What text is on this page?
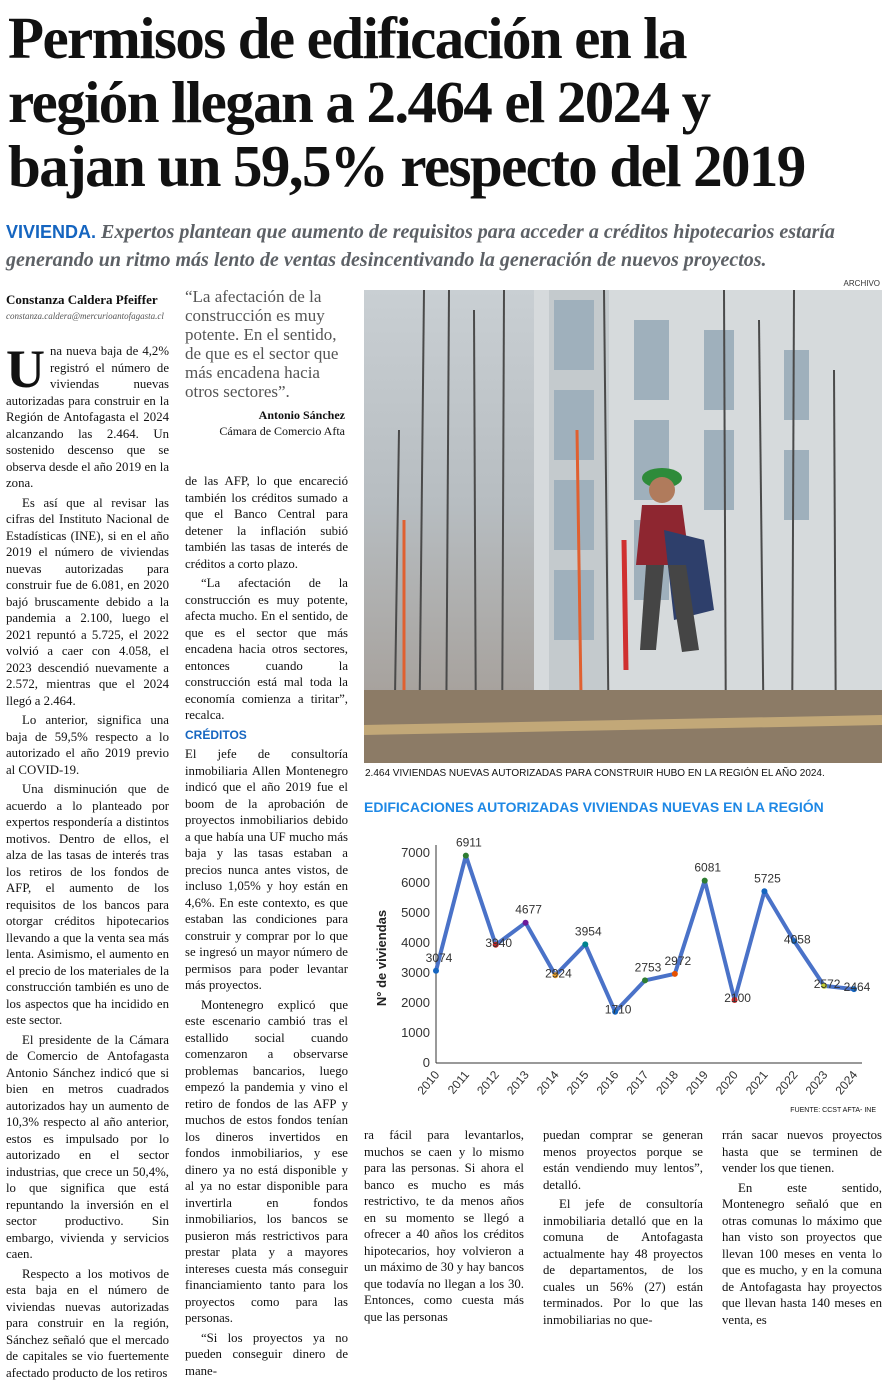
Permisos de edificación en la
región llegan a 2.464 el 2024 y
bajan un 59,5% respecto del 2019
VIVIENDA. Expertos plantean que aumento de requisitos para acceder a créditos hipotecarios estaría generando un ritmo más lento de ventas desincentivando la generación de nuevos proyectos.
ARCHIVO
Constanza Caldera Pfeiffer
constanza.caldera@mercurioantofagasta.cl
“La afectación de la construcción es muy potente. En el sentido, de que es el sector que más encadena hacia otros sectores”.
Antonio Sánchez
Cámara de Comercio Afta

Una nueva baja de 4,2% registró el número de viviendas nuevas autorizadas para construir en la Región de Antofagasta el 2024 alcanzando las 2.464. Un sostenido descenso que se observa desde el año 2019 en la zona.

Es así que al revisar las cifras del Instituto Nacional de Estadísticas (INE), si en el año 2019 el número de viviendas nuevas autorizadas para construir fue de 6.081, en 2020 bajó bruscamente debido a la pandemia a 2.100, luego el 2021 repuntó a 5.725, el 2022 volvió a caer con 4.058, el 2023 descendió nuevamente a 2.572, mientras que el 2024 llegó a 2.464.

Lo anterior, significa una baja de 59,5% respecto a lo autorizado el año 2019 previo al COVID-19.

Una disminución que de acuerdo a lo planteado por expertos respondería a distintos motivos. Dentro de ellos, el alza de las tasas de interés tras los retiros de los fondos de AFP, el aumento de los requisitos de los bancos para otorgar créditos hipotecarios llevando a que la venta sea más lenta. Asimismo, el aumento en el precio de los materiales de la construcción también es uno de los aspectos que ha incidido en este sector.

El presidente de la Cámara de Comercio de Antofagasta Antonio Sánchez indicó que si bien en metros cuadrados autorizados hay un aumento de 10,3% respecto al año anterior, estos es impulsado por lo autorizado en el sector industrias, que crece un 50,4%, lo que significa que está repuntando la inversión en el sector productivo. Sin embargo, vivienda y servicios caen.

Respecto a los motivos de esta baja en el número de viviendas nuevas autorizadas para construir en la región, Sánchez señaló que el mercado de capitales se vio fuertemente afectado producto de los retiros

de las AFP, lo que encareció también los créditos sumado a que el Banco Central para detener la inflación subió también las tasas de interés de créditos a corto plazo.

“La afectación de la construcción es muy potente, afecta mucho. En el sentido, de que es el sector que más encadena hacia otros sectores, entonces cuando la construcción está mal toda la economía comienza a tiritar”, recalca.

CRÉDITOS

El jefe de consultoría inmobiliaria Allen Montenegro indicó que el año 2019 fue el boom de la aprobación de proyectos inmobiliarios debido a que había una UF mucho más baja y las tasas estaban a precios nunca antes vistos, de incluso 1,05% y hoy están en 4,6%. En este contexto, es que estaban las condiciones para construir y comprar por lo que se ingresó un mayor número de permisos para poder levantar más proyectos.

Montenegro explicó que este escenario cambió tras el estallido social cuando comenzaron a observarse problemas bancarios, luego empezó la pandemia y vino el retiro de fondos de las AFP y muchos de estos fondos tenían los dineros invertidos en fondos inmobiliarios, y ese dinero ya no está disponible y al ya no estar disponible para invertirla en fondos inmobiliarios, los bancos se pusieron más restrictivos para prestar plata y a mayores intereses cuesta más conseguir financiamiento tanto para los proyectos como para las personas.

“Si los proyectos ya no pueden conseguir dinero de mane-

2.464 VIVIENDAS NUEVAS AUTORIZADAS PARA CONSTRUIR HUBO EN LA REGIÓN EL AÑO 2024.
EDIFICACIONES AUTORIZADAS VIVIENDAS NUEVAS EN LA REGIÓN
0
1000
2000
3000
4000
5000
6000
7000
N° de viviendas
2010 2011 2012 2013 2014 2015 2016 2017 2018 2019 2020 2021 2022 2023 2024
3074
6911
3940
4677
2924
3954
1710
2753 2972
6081
2100
5725
4058
2572 2464
FUENTE: CCST AFTA- INE

ra fácil para levantarlos, muchos se caen y lo mismo para las personas. Si ahora el banco es mucho es más restrictivo, te da menos años en su momento se llegó a ofrecer a 40 años los créditos hipotecarios, hoy volvieron a un máximo de 30 y hay bancos que todavía no llegan a los 30. Entonces, como cuesta más que las personas

puedan comprar se generan menos proyectos porque se están vendiendo muy lentos”, detalló.

El jefe de consultoría inmobiliaria detalló que en la comuna de Antofagasta actualmente hay 48 proyectos de departamentos, de los cuales un 56% (27) están terminados. Por lo que las inmobiliarias no que-

rrán sacar nuevos proyectos hasta que se terminen de vender los que tienen.

En este sentido, Montenegro señaló que en otras comunas lo máximo que han visto son proyectos que llevan 100 meses en venta lo que es mucho, y en la comuna de Antofagasta hay proyectos que llevan hasta 140 meses en venta, es
